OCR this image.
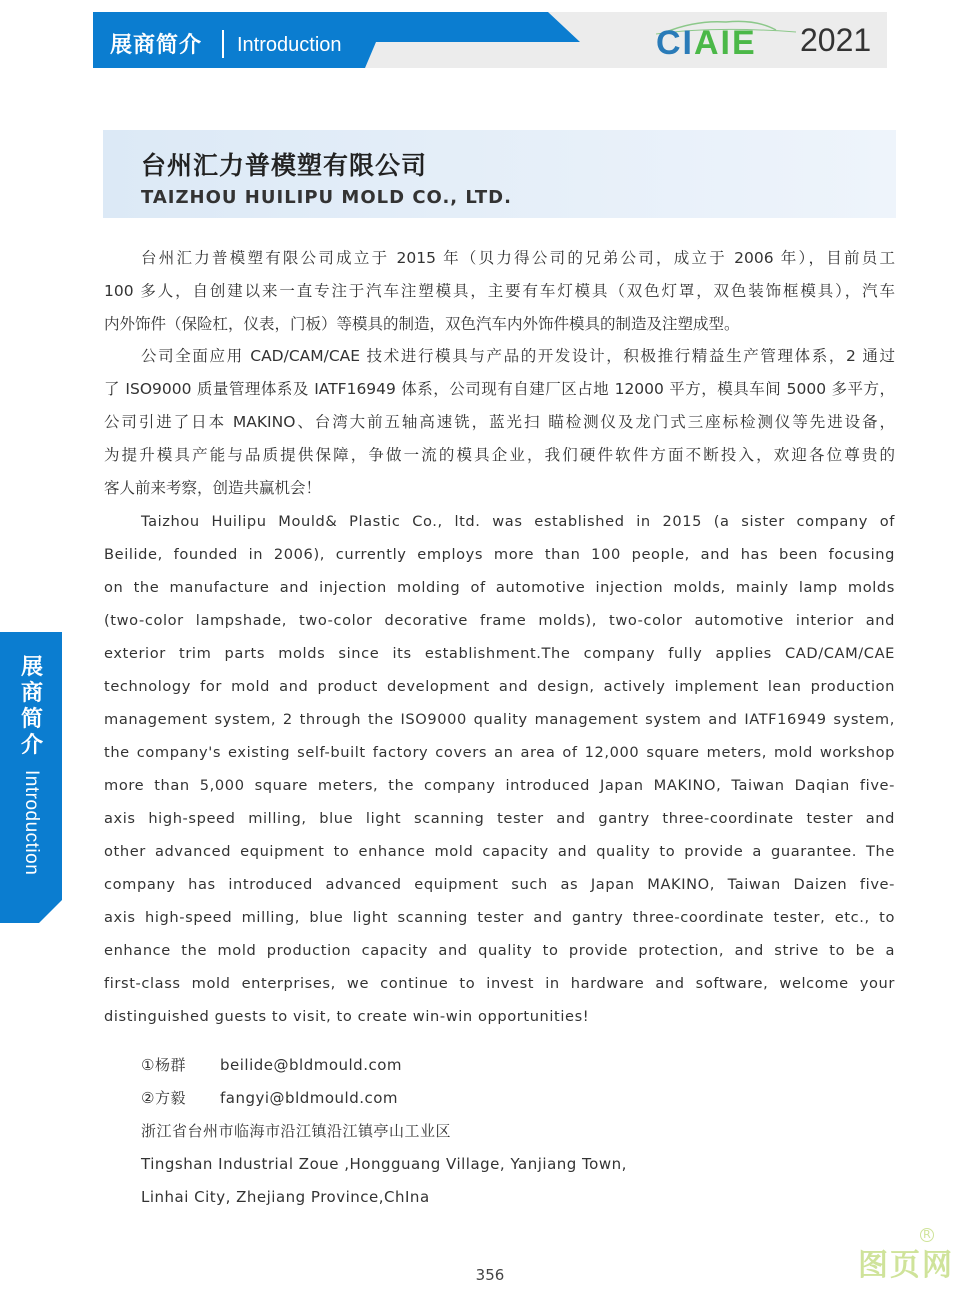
展商简介 Introduction	CIAIE 2021
台州汇力普模塑有限公司
TAIZHOU HUILIPU MOLD CO., LTD.
台州汇力普模塑有限公司成立于 2015 年（贝力得公司的兄弟公司，成立于 2006 年），目前员工
100 多人，自创建以来一直专注于汽车注塑模具，主要有车灯模具（双色灯罩，双色装饰框模具），汽车
内外饰件（保险杠，仪表，门板）等模具的制造，双色汽车内外饰件模具的制造及注塑成型。
公司全面应用 CAD/CAM/CAE 技术进行模具与产品的开发设计，积极推行精益生产管理体系，2 通过
了 ISO9000 质量管理体系及 IATF16949 体系，公司现有自建厂区占地 12000 平方，模具车间 5000 多平方，
公司引进了日本 MAKINO、台湾大前五轴高速铣，蓝光扫 瞄检测仪及龙门式三座标检测仪等先进设备，
为提升模具产能与品质提供保障，争做一流的模具企业，我们硬件软件方面不断投入，欢迎各位尊贵的
客人前来考察，创造共赢机会！
Taizhou Huilipu Mould& Plastic Co., ltd. was established in 2015 (a sister company of
Beilide, founded in 2006), currently employs more than 100 people, and has been focusing
on the manufacture and injection molding of automotive injection molds, mainly lamp molds
(two-color lampshade, two-color decorative frame molds), two-color automotive interior and
exterior trim parts molds since its establishment.The company fully applies CAD/CAM/CAE
technology for mold and product development and design, actively implement lean production
management system, 2 through the ISO9000 quality management system and IATF16949 system,
the company's existing self-built factory covers an area of 12,000 square meters, mold workshop
more than 5,000 square meters, the company introduced Japan MAKINO, Taiwan Daqian five-
axis high-speed milling, blue light scanning tester and gantry three-coordinate tester and
other advanced equipment to enhance mold capacity and quality to provide a guarantee. The
company has introduced advanced equipment such as Japan MAKINO, Taiwan Daizen five-
axis high-speed milling, blue light scanning tester and gantry three-coordinate tester, etc., to
enhance the mold production capacity and quality to provide protection, and strive to be a
first-class mold enterprises, we continue to invest in hardware and software, welcome your
distinguished guests to visit, to create win-win opportunities!
①杨群 beilide@bldmould.com
②方毅 fangyi@bldmould.com
浙江省台州市临海市沿江镇沿江镇亭山工业区
Tingshan Industrial Zoue ,Hongguang Village, Yanjiang Town,
Linhai City, Zhejiang Province,ChIna
展商简介
Introduction
356	图页网
R
